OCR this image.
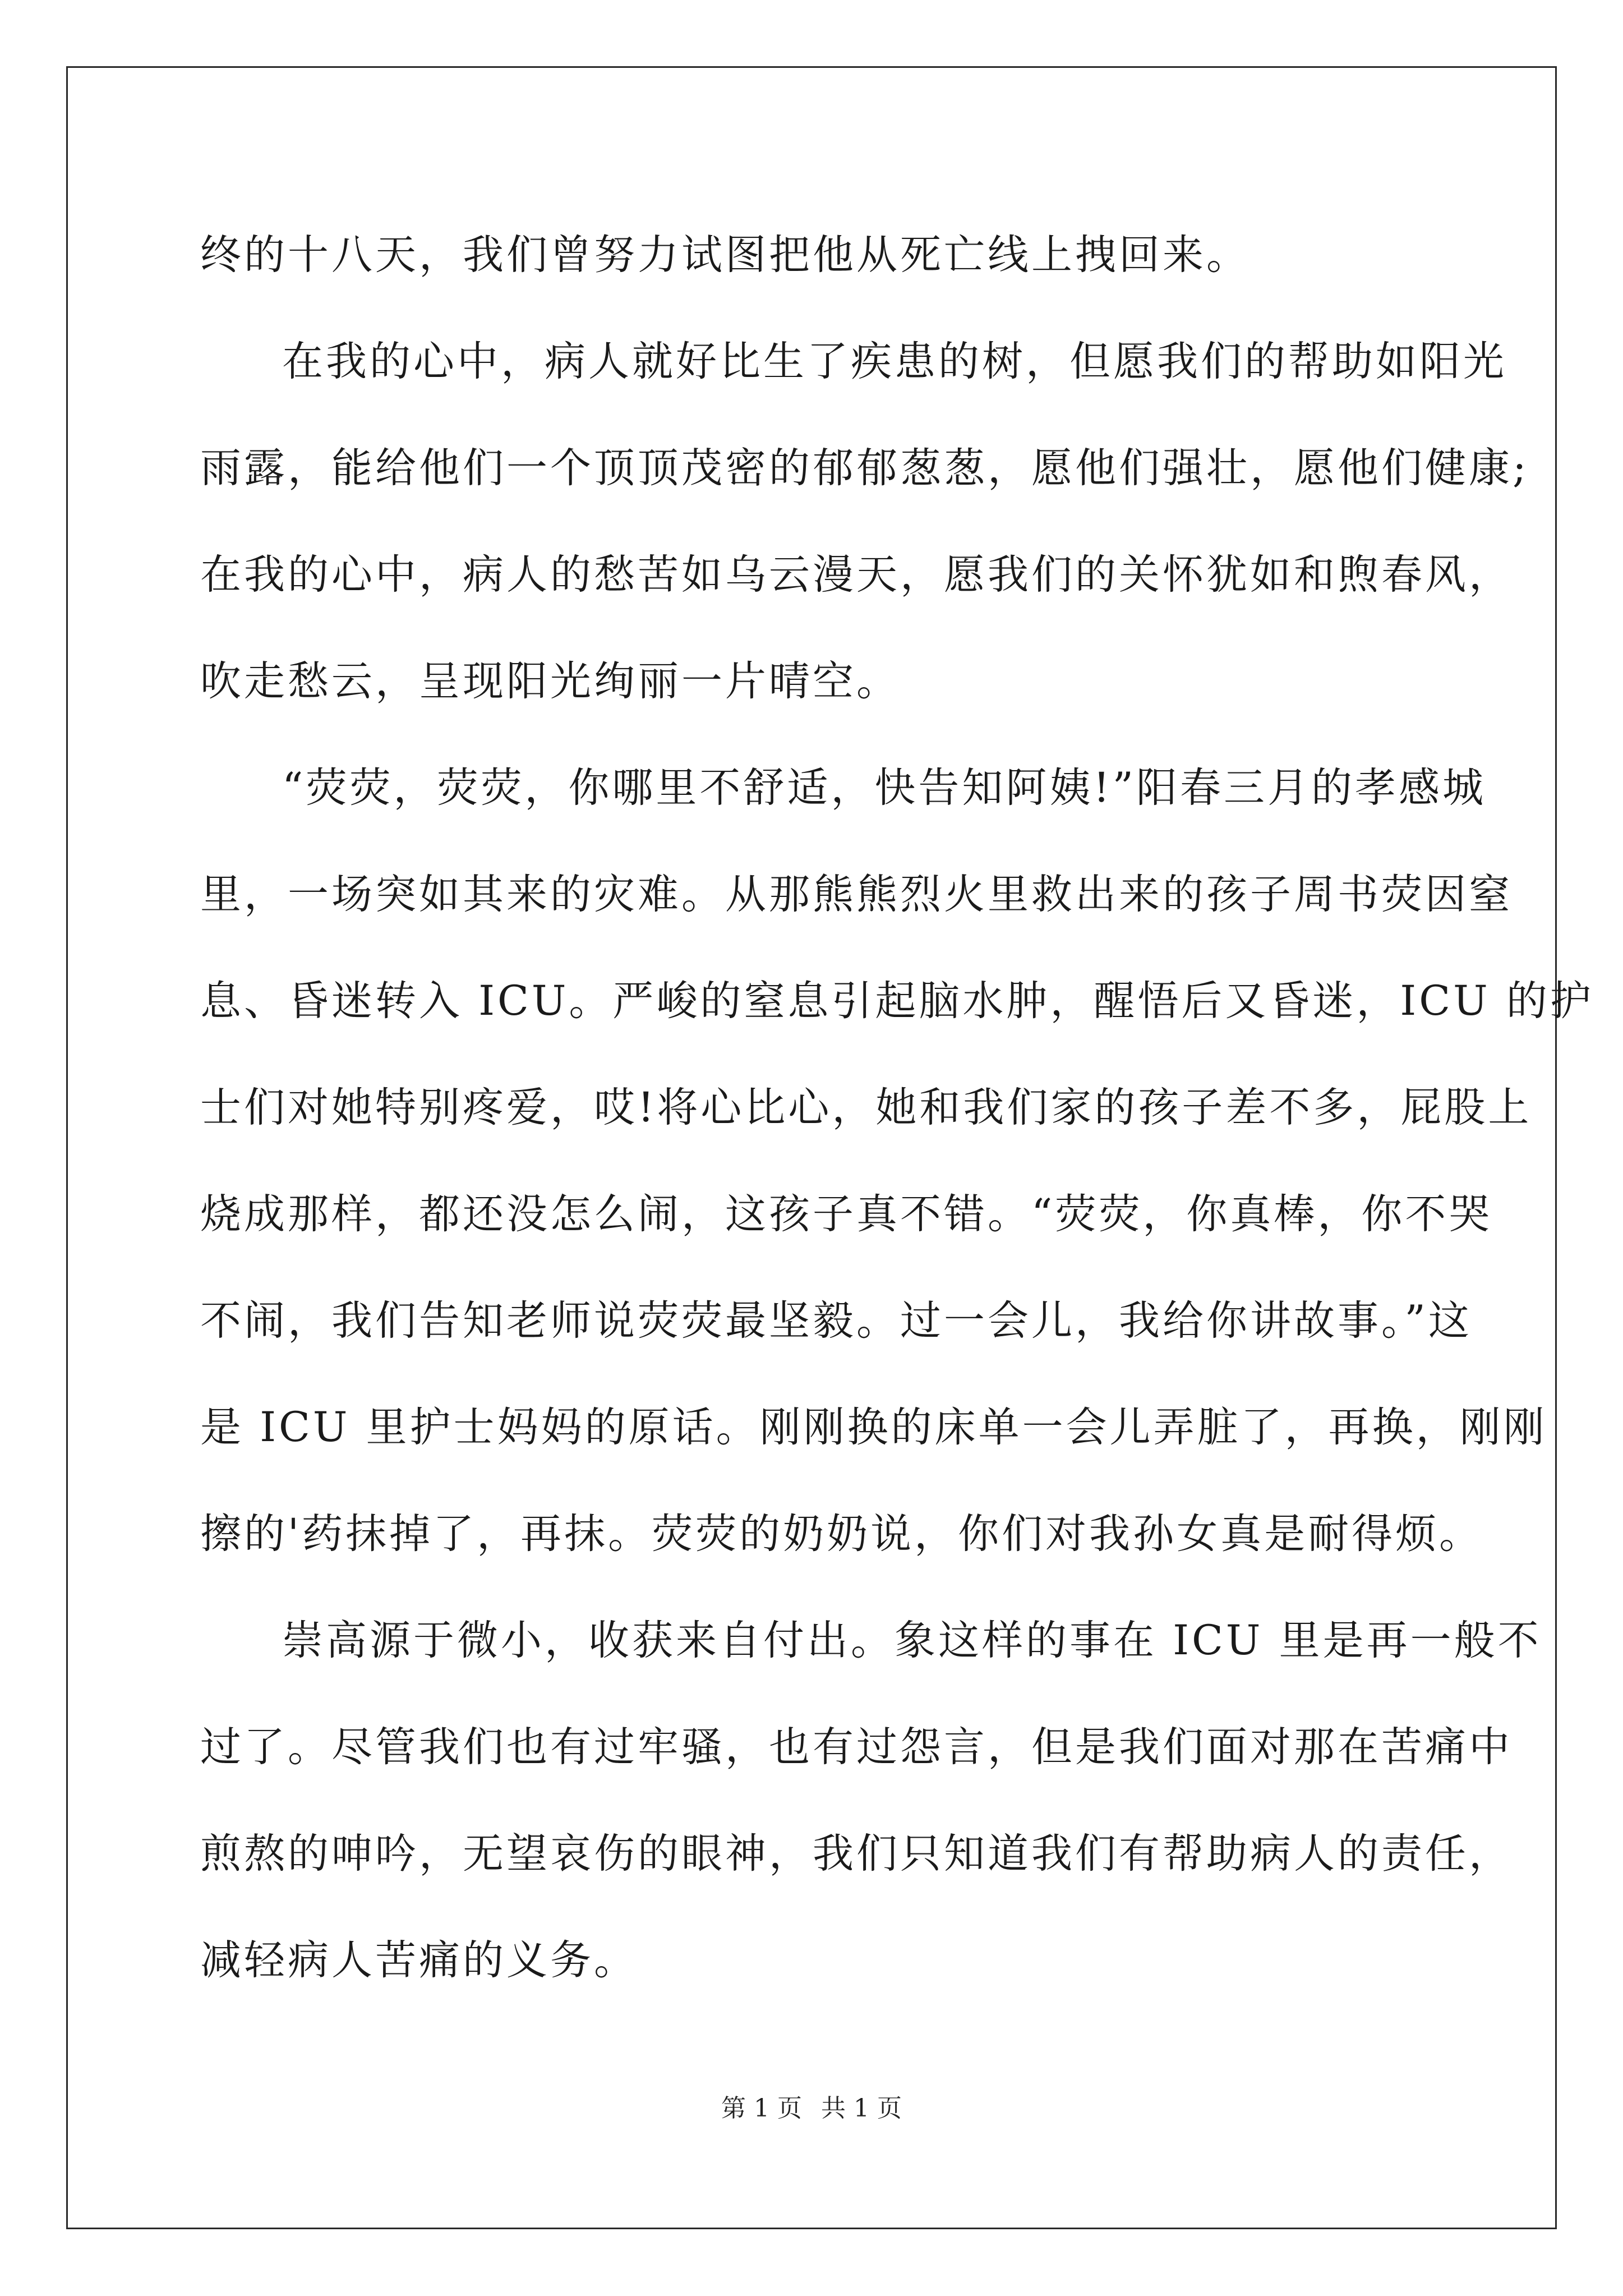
终的十八天，我们曾努力试图把他从死亡线上拽回来。

在我的心中，病人就好比生了疾患的树，但愿我们的帮助如阳光

雨露，能给他们一个顶顶茂密的郁郁葱葱，愿他们强壮，愿他们健康;

在我的心中，病人的愁苦如乌云漫天，愿我们的关怀犹如和煦春风，

吹走愁云，呈现阳光绚丽一片晴空。

“荧荧，荧荧，你哪里不舒适，快告知阿姨!”阳春三月的孝感城

里，一场突如其来的灾难。从那熊熊烈火里救出来的孩子周书荧因窒

息、昏迷转入 ICU。严峻的窒息引起脑水肿，醒悟后又昏迷，ICU 的护

士们对她特别疼爱，哎!将心比心，她和我们家的孩子差不多，屁股上

烧成那样，都还没怎么闹，这孩子真不错。“荧荧，你真棒，你不哭

不闹，我们告知老师说荧荧最坚毅。过一会儿，我给你讲故事。”这

是 ICU 里护士妈妈的原话。刚刚换的床单一会儿弄脏了，再换，刚刚

擦的'药抹掉了，再抹。荧荧的奶奶说，你们对我孙女真是耐得烦。

崇高源于微小，收获来自付出。象这样的事在 ICU 里是再一般不

过了。尽管我们也有过牢骚，也有过怨言，但是我们面对那在苦痛中

煎熬的呻吟，无望哀伤的眼神，我们只知道我们有帮助病人的责任，

减轻病人苦痛的义务。

第 1 页 共 1 页
